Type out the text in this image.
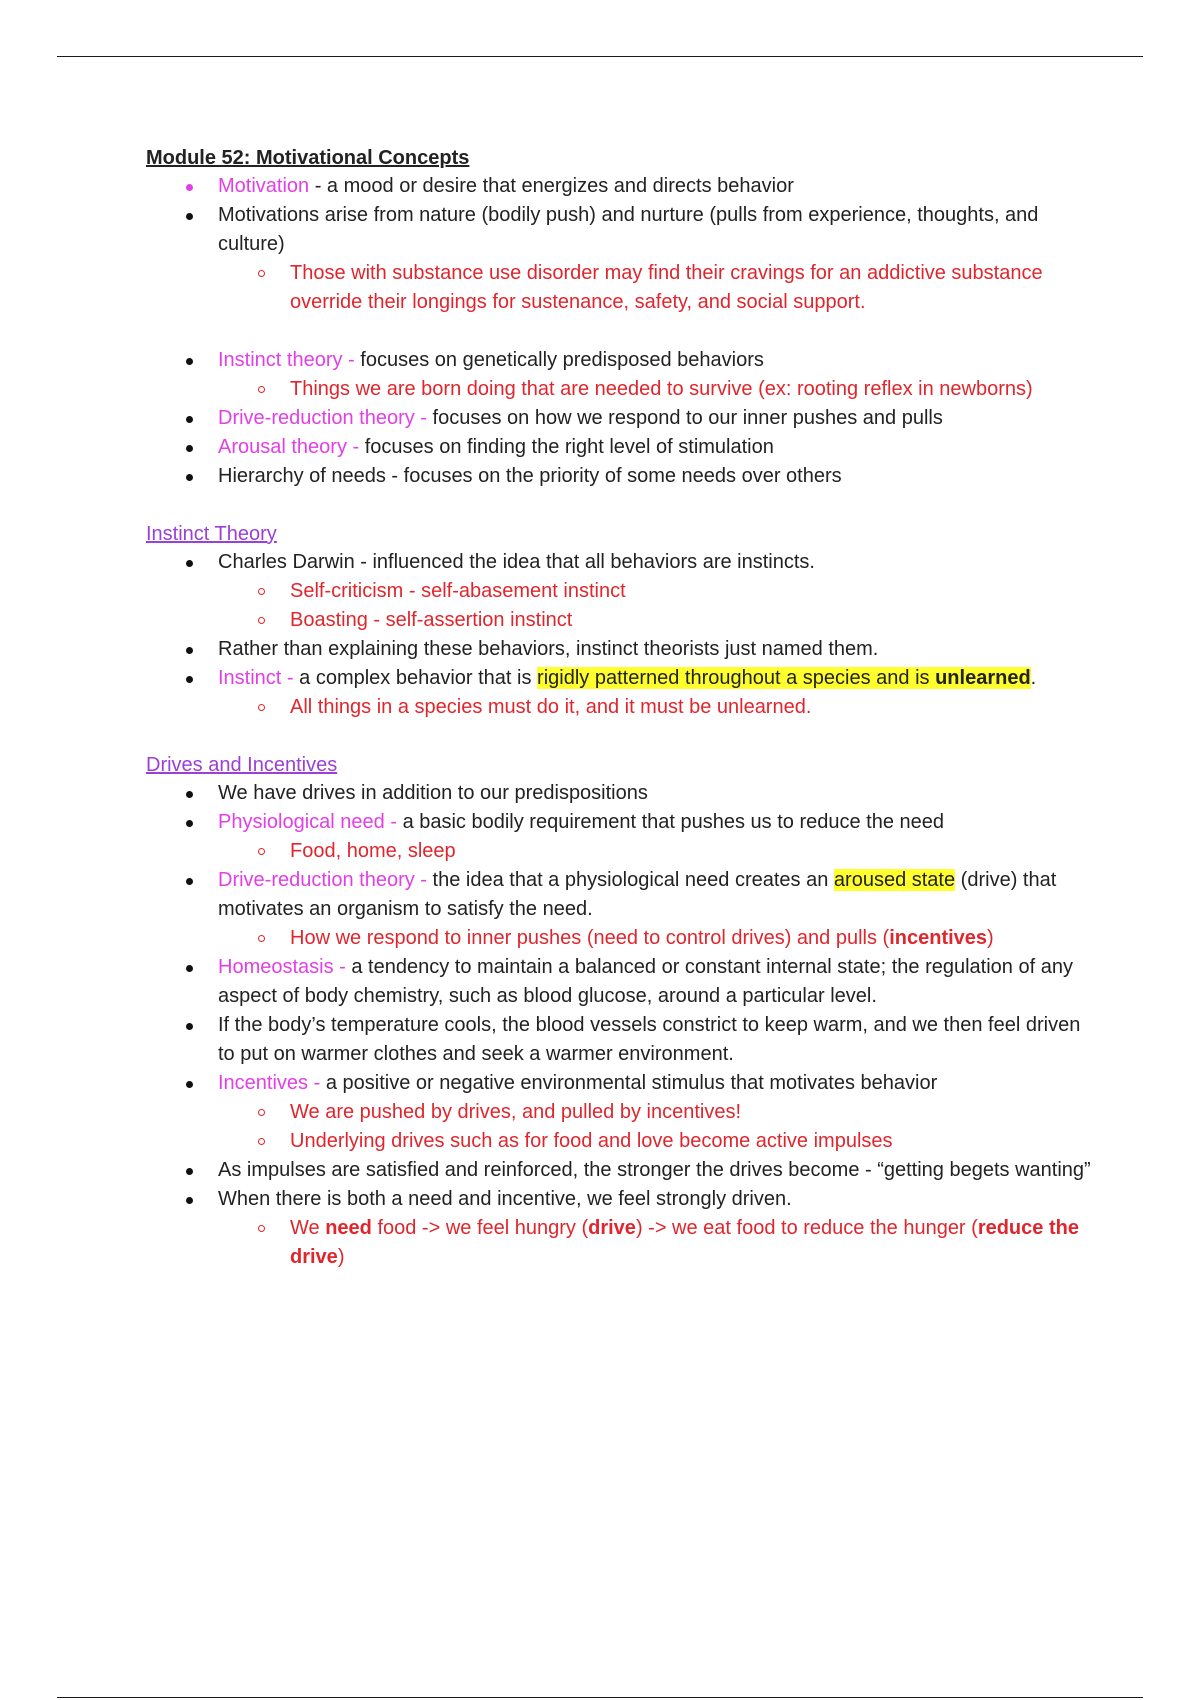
Module 52: Motivational Concepts

Motivation - a mood or desire that energizes and directs behavior
Motivations arise from nature (bodily push) and nurture (pulls from experience, thoughts, and culture)
Those with substance use disorder may find their cravings for an addictive substance override their longings for sustenance, safety, and social support.
Instinct theory - focuses on genetically predisposed behaviors
Things we are born doing that are needed to survive (ex: rooting reflex in newborns)
Drive-reduction theory - focuses on how we respond to our inner pushes and pulls
Arousal theory - focuses on finding the right level of stimulation
Hierarchy of needs - focuses on the priority of some needs over others

Instinct Theory

Charles Darwin - influenced the idea that all behaviors are instincts.
Self-criticism - self-abasement instinct
Boasting - self-assertion instinct
Rather than explaining these behaviors, instinct theorists just named them.
Instinct - a complex behavior that is rigidly patterned throughout a species and is unlearned.
All things in a species must do it, and it must be unlearned.

Drives and Incentives

We have drives in addition to our predispositions
Physiological need - a basic bodily requirement that pushes us to reduce the need
Food, home, sleep
Drive-reduction theory - the idea that a physiological need creates an aroused state (drive) that motivates an organism to satisfy the need.
How we respond to inner pushes (need to control drives) and pulls (incentives)
Homeostasis - a tendency to maintain a balanced or constant internal state; the regulation of any aspect of body chemistry, such as blood glucose, around a particular level.
If the body’s temperature cools, the blood vessels constrict to keep warm, and we then feel driven to put on warmer clothes and seek a warmer environment.
Incentives - a positive or negative environmental stimulus that motivates behavior
We are pushed by drives, and pulled by incentives!
Underlying drives such as for food and love become active impulses
As impulses are satisfied and reinforced, the stronger the drives become - “getting begets wanting”
When there is both a need and incentive, we feel strongly driven.
We need food -> we feel hungry (drive) -> we eat food to reduce the hunger (reduce the drive)
